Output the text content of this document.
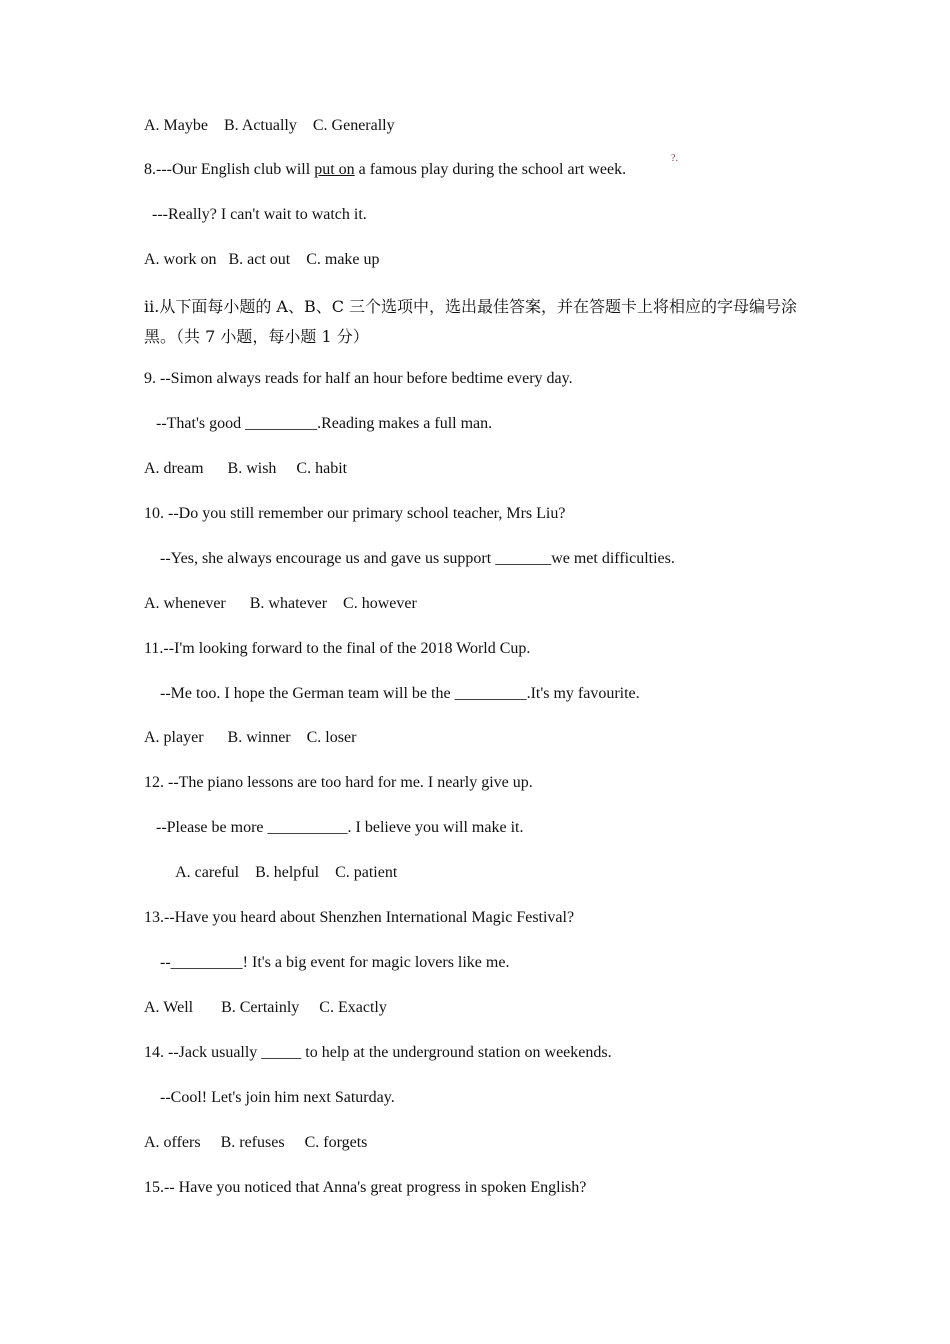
A. Maybe    B. Actually    C. Generally
8.---Our English club will put on a famous play during the school art week.
?.
---Really? I can't wait to watch it.
A. work on   B. act out    C. make up
ii.从下面每小题的 A、B、C 三个选项中，选出最佳答案，并在答题卡上将相应的字母编号涂
黑。（共 7 小题，每小题 1 分）
9. --Simon always reads for half an hour before bedtime every day.
--That's good _________.Reading makes a full man.
A. dream      B. wish     C. habit
10. --Do you still remember our primary school teacher, Mrs Liu?
--Yes, she always encourage us and gave us support _______we met difficulties.
A. whenever      B. whatever    C. however
11.--I'm looking forward to the final of the 2018 World Cup.
--Me too. I hope the German team will be the _________.It's my favourite.
A. player      B. winner    C. loser
12. --The piano lessons are too hard for me. I nearly give up.
--Please be more __________. I believe you will make it.
A. careful    B. helpful    C. patient
13.--Have you heard about Shenzhen International Magic Festival?
--_________! It's a big event for magic lovers like me.
A. Well       B. Certainly     C. Exactly
14. --Jack usually _____ to help at the underground station on weekends.
--Cool! Let's join him next Saturday.
A. offers     B. refuses     C. forgets
15.-- Have you noticed that Anna's great progress in spoken English?
